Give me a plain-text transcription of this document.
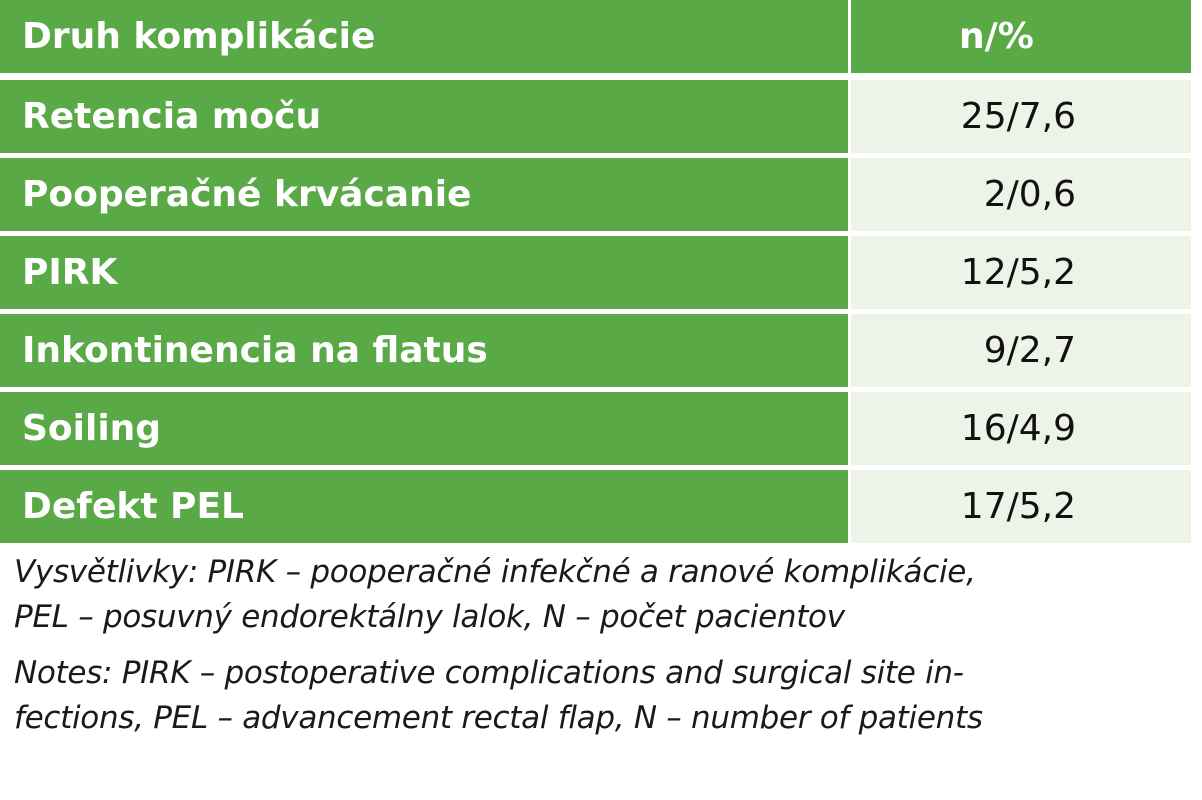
Druh komplikácie	n/%
Retencia moču	25/7,6
Pooperačné krvácanie	2/0,6
PIRK	12/5,2
Inkontinencia na flatus	9/2,7
Soiling	16/4,9
Defekt PEL	17/5,2
Vysvětlivky: PIRK – pooperačné infekčné a ranové komplikácie,
PEL – posuvný endorektálny lalok, N – počet pacientov
Notes: PIRK – postoperative complications and surgical site in-
fections, PEL – advancement rectal flap, N – number of patients
